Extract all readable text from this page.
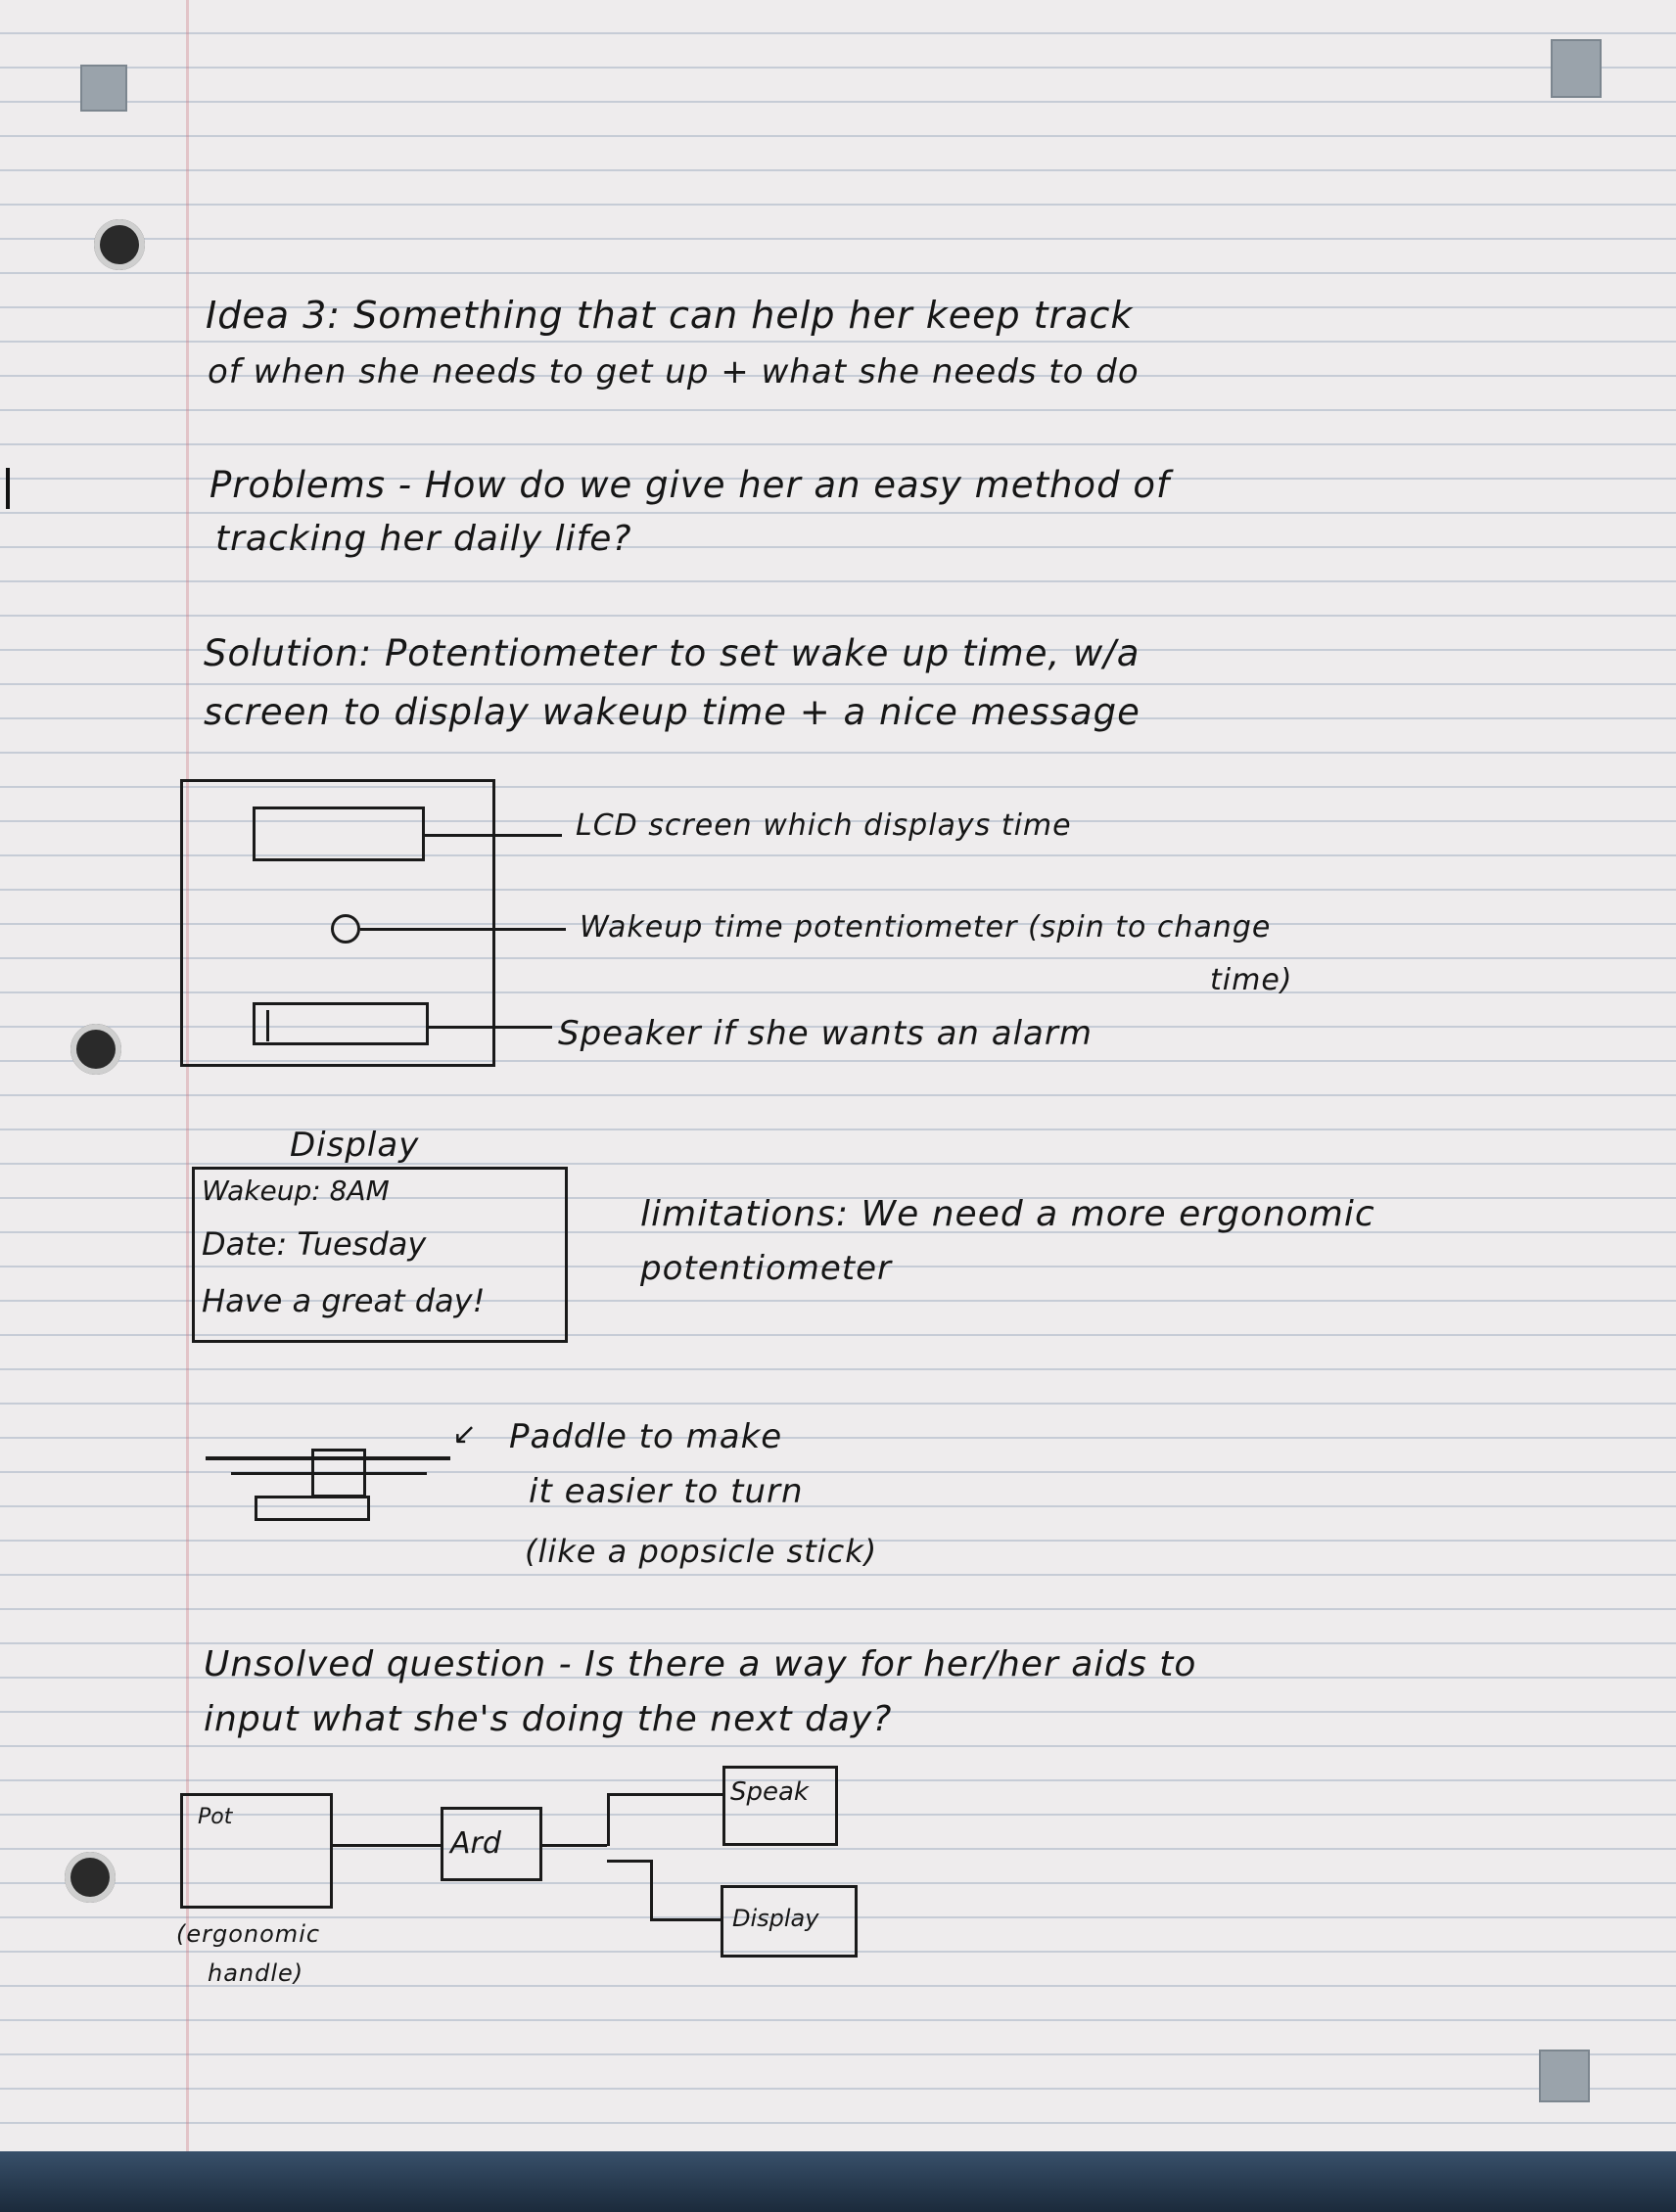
Idea 3: Something that can help her keep track
of when she needs to get up + what she needs to do
Problems - How do we give her an easy method of
tracking her daily life?
Solution: Potentiometer to set wake up time, w/a
screen to display wakeup time + a nice message
LCD screen which displays time
Wakeup time potentiometer (spin to change
time)
Speaker if she wants an alarm
Display
Wakeup: 8AM
Date: Tuesday
Have a great day!
limitations: We need a more ergonomic
potentiometer
↙ Paddle to make
it easier to turn
(like a popsicle stick)
Unsolved question - Is there a way for her/her aids to
input what she's doing the next day?
Pot
(ergonomic
handle)
Ard
Speak
Display
